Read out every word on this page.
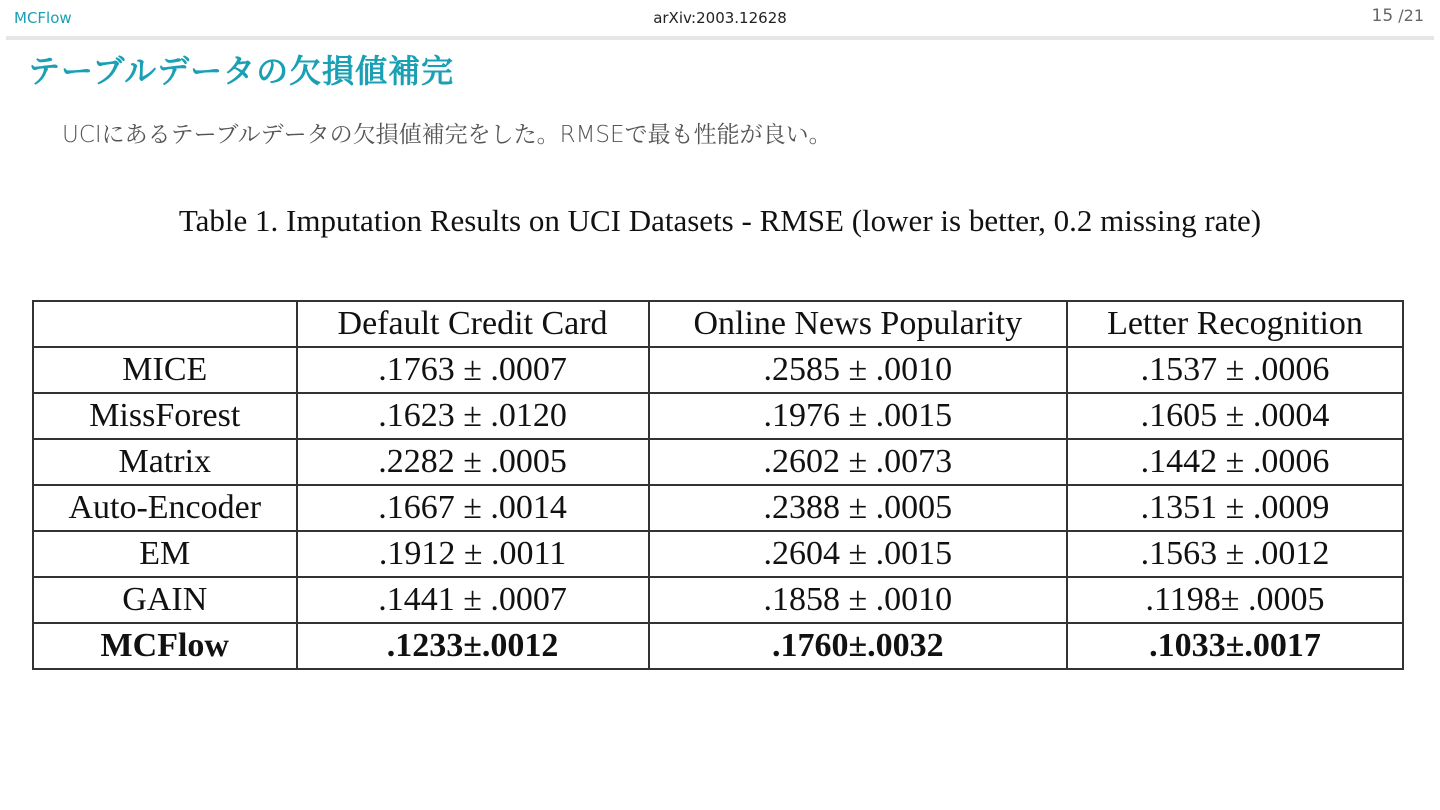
MCFlow	arXiv:2003.12628	15 /21
テーブルデータの欠損値補完
UCIにあるテーブルデータの欠損値補完をした。RMSEで最も性能が良い。
Table 1. Imputation Results on UCI Datasets - RMSE (lower is better, 0.2 missing rate)
	Default Credit Card	Online News Popularity	Letter Recognition
MICE	.1763 ± .0007	.2585 ± .0010	.1537 ± .0006
MissForest	.1623 ± .0120	.1976 ± .0015	.1605 ± .0004
Matrix	.2282 ± .0005	.2602 ± .0073	.1442 ± .0006
Auto-Encoder	.1667 ± .0014	.2388 ± .0005	.1351 ± .0009
EM	.1912 ± .0011	.2604 ± .0015	.1563 ± .0012
GAIN	.1441 ± .0007	.1858 ± .0010	.1198± .0005
MCFlow	.1233±.0012	.1760±.0032	.1033±.0017
